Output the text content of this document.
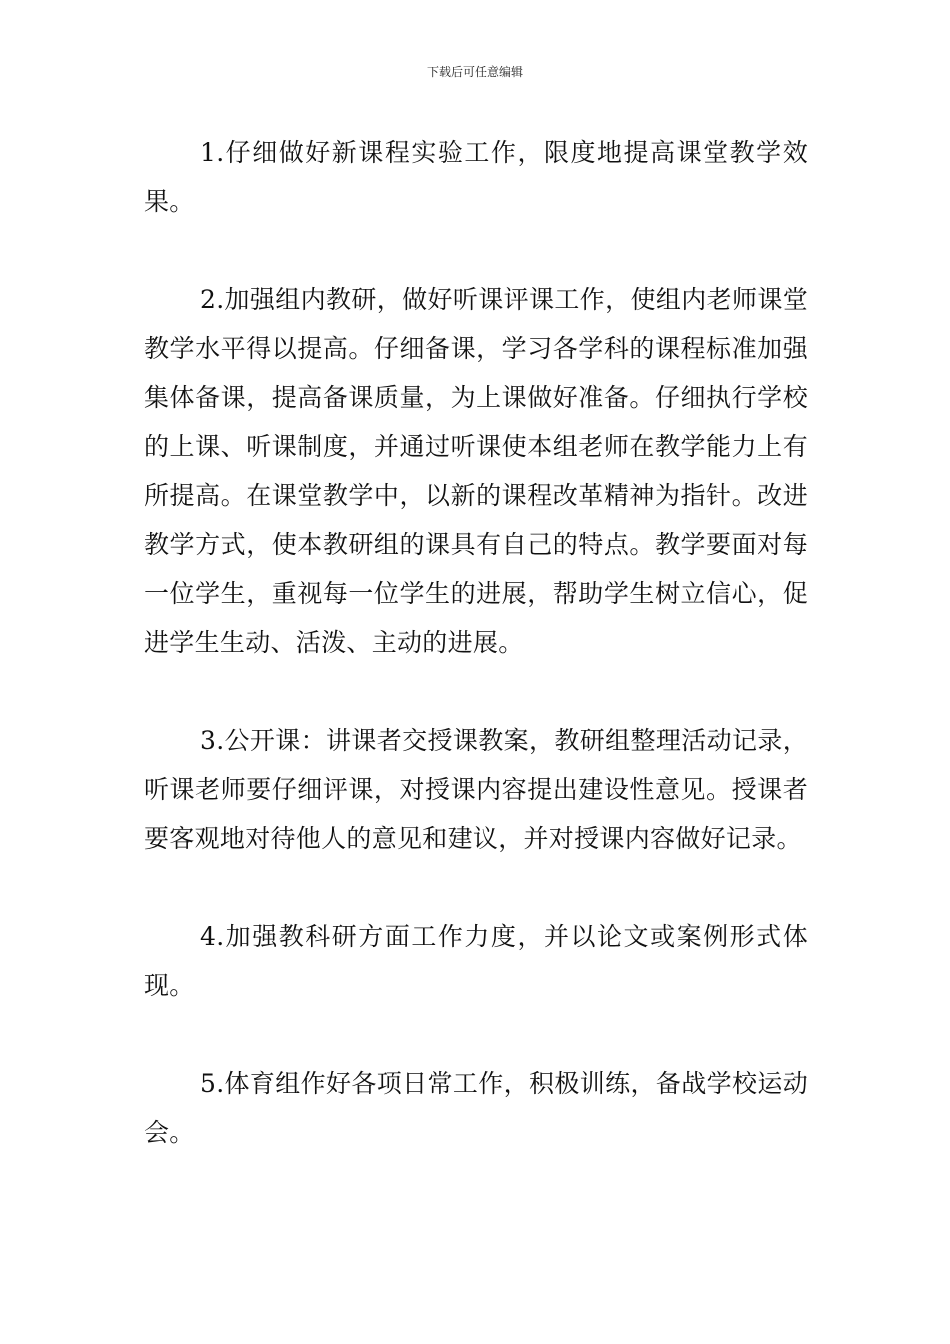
下载后可任意编辑

1.仔细做好新课程实验工作，限度地提高课堂教学效果。

2.加强组内教研，做好听课评课工作，使组内老师课堂教学水平得以提高。仔细备课，学习各学科的课程标准加强集体备课，提高备课质量，为上课做好准备。仔细执行学校的上课、听课制度，并通过听课使本组老师在教学能力上有所提高。在课堂教学中，以新的课程改革精神为指针。改进教学方式，使本教研组的课具有自己的特点。教学要面对每一位学生，重视每一位学生的进展，帮助学生树立信心，促进学生生动、活泼、主动的进展。

3.公开课：讲课者交授课教案，教研组整理活动记录，听课老师要仔细评课，对授课内容提出建设性意见。授课者要客观地对待他人的意见和建议，并对授课内容做好记录。

4.加强教科研方面工作力度，并以论文或案例形式体现。

5.体育组作好各项日常工作，积极训练，备战学校运动会。
